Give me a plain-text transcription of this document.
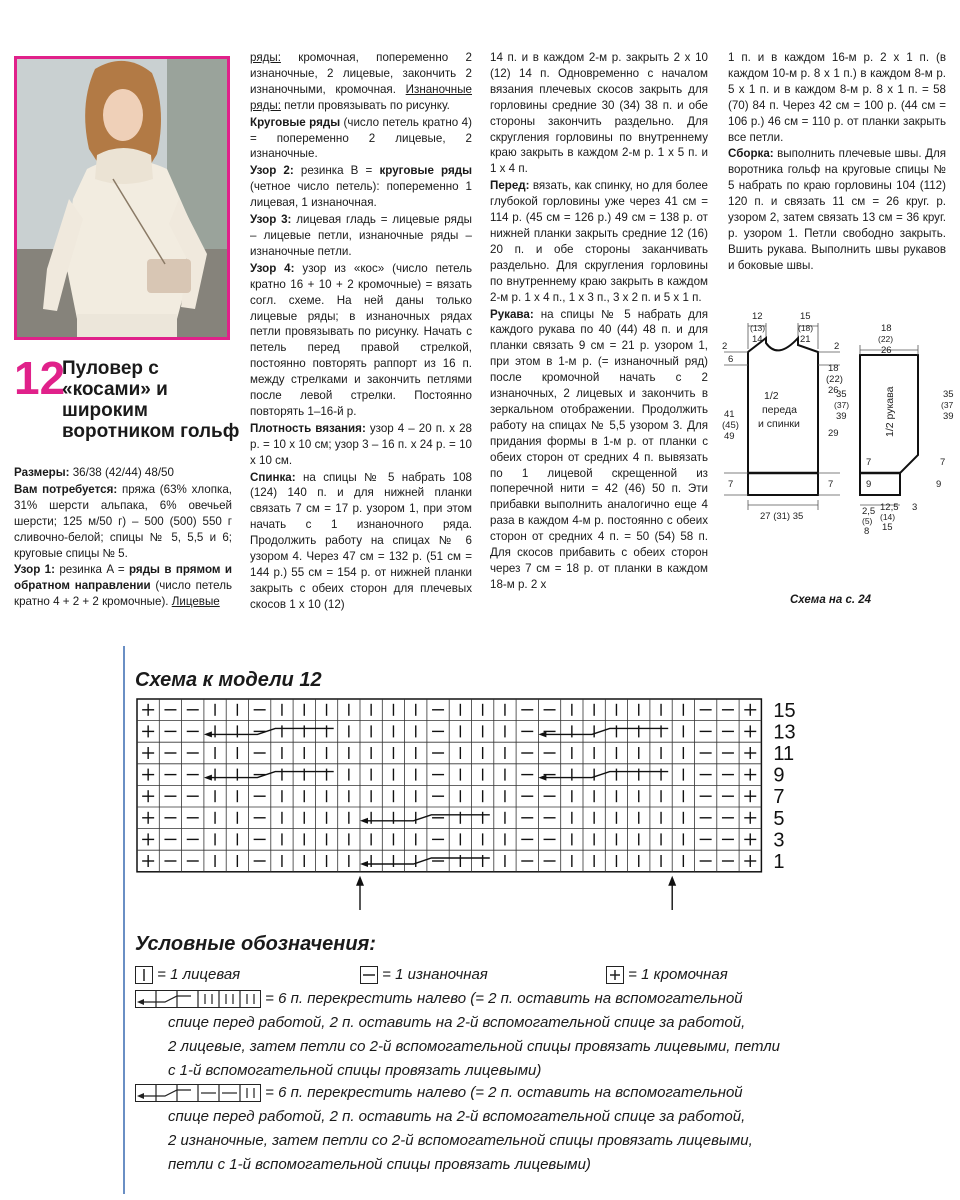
12
Пуловер с «косами» и широким воротником гольф

Размеры: 36/38 (42/44) 48/50

Вам потребуется: пряжа (63% хлопка, 31% шерсти альпака, 6% овечьей шерсти; 125 м/50 г) – 500 (500) 550 г сливочно-белой; спицы № 5, 5,5 и 6; круговые спицы № 5.

Узор 1: резинка A = ряды в прямом и обратном направлении (число петель кратно 4 + 2 + 2 кромочные). Лицевые

ряды: кромочная, попеременно 2 изнаночные, 2 лицевые, закончить 2 изнаночными, кромочная. Изнаночные ряды: петли провязывать по рисунку.

Круговые ряды (число петель кратно 4) = попеременно 2 лицевые, 2 изнаночные.

Узор 2: резинка B = круговые ряды (четное число петель): попеременно 1 лицевая, 1 изнаночная.

Узор 3: лицевая гладь = лицевые ряды – лицевые петли, изнаночные ряды – изнаночные петли.

Узор 4: узор из «кос» (число петель кратно 16 + 10 + 2 кромочные) = вязать согл. схеме. На ней даны только лицевые ряды; в изнаночных рядах петли провязывать по рисунку. Начать с петель перед правой стрелкой, постоянно повторять раппорт из 16 п. между стрелками и закончить петлями после левой стрелки. Постоянно повторять 1–16-й р.

Плотность вязания: узор 4 – 20 п. x 28 р. = 10 x 10 см; узор 3 – 16 п. x 24 р. = 10 x 10 см.

Спинка: на спицы № 5 набрать 108 (124) 140 п. и для нижней планки связать 7 см = 17 р. узором 1, при этом начать с 1 изнаночного ряда. Продолжить работу на спицах № 6 узором 4. Через 47 см = 132 р. (51 см = 144 р.) 55 см = 154 р. от нижней планки закрыть с обеих сторон для плечевых скосов 1 x 10 (12)

14 п. и в каждом 2-м р. закрыть 2 x 10 (12) 14 п. Одновременно с началом вязания плечевых скосов закрыть для горловины средние 30 (34) 38 п. и обе стороны закончить раздельно. Для скругления горловины по внутреннему краю закрыть в каждом 2-м р. 1 x 5 п. и 1 x 4 п.

Перед: вязать, как спинку, но для более глубокой горловины уже через 41 см = 114 р. (45 см = 126 р.) 49 см = 138 р. от нижней планки закрыть средние 12 (16) 20 п. и обе стороны заканчивать раздельно. Для скругления горловины по внутреннему краю закрыть в каждом 2-м р. 1 x 4 п., 1 x 3 п., 3 x 2 п. и 5 x 1 п.

Рукава: на спицы № 5 набрать для каждого рукава по 40 (44) 48 п. и для планки связать 9 см = 21 р. узором 1, при этом в 1-м р. (= изнаночный ряд) после кромочной начать с 2 изнаночных, 2 лицевых и закончить в зеркальном отображении. Продолжить работу на спицах № 5,5 узором 3. Для придания формы в 1-м р. от планки с обеих сторон от средних 4 п. вывязать по 1 лицевой скрещенной из поперечной нити = 42 (46) 50 п. Эти прибавки выполнить аналогично еще 4 раза в каждом 4-м р. постоянно с обеих сторон от средних 4 п. = 50 (54) 58 п. Для скосов прибавить с обеих сторон через 7 см = 18 р. от планки в каждом 18-м р. 2 x

1 п. и в каждом 16-м р. 2 x 1 п. (в каждом 10-м р. 8 x 1 п.) в каждом 8-м р. 5 x 1 п. и в каждом 8-м р. 8 x 1 п. = 58 (70) 84 п. Через 42 см = 100 р. (44 см = 106 р.) 46 см = 110 р. от планки закрыть все петли.

Сборка: выполнить плечевые швы. Для воротника гольф на круговые спицы № 5 набрать по краю горловины 104 (112) 120 п. и связать 11 см = 26 круг. р. узором 2, затем связать 13 см = 36 круг. р. узором 1. Петли свободно закрыть. Вшить рукава. Выполнить швы рукавов и боковые швы.

12
(13)
14
15
(18)
21
2
6
2
18
(22)
26
41
(45)
49	29
7	7
27 (31) 35
1/2
переда
и спинки
18
(22)
26
35
(37)
39
35
(37
39
1/2 рукава
7	7
9	9
12,5
(14)
15
2,5
(5)
8
3
Схема на с. 24
Схема к модели 12
15
13
11
9
7
5
3
1
Условные обозначения:
= 1 лицевая	= 1 изнаночная	= 1 кромочная
= 6 п. перекрестить налево (= 2 п. оставить на вспомогательной
спице перед работой, 2 п. оставить на 2-й вспомогательной спице за работой,
2 лицевые, затем петли со 2-й вспомогательной спицы провязать лицевыми, петли
с 1-й вспомогательной спицы провязать лицевыми)
= 6 п. перекрестить налево (= 2 п. оставить на вспомогательной
спице перед работой, 2 п. оставить на 2-й вспомогательной спице за работой,
2 изнаночные, затем петли со 2-й вспомогательной спицы провязать лицевыми,
петли с 1-й вспомогательной спицы провязать лицевыми)
